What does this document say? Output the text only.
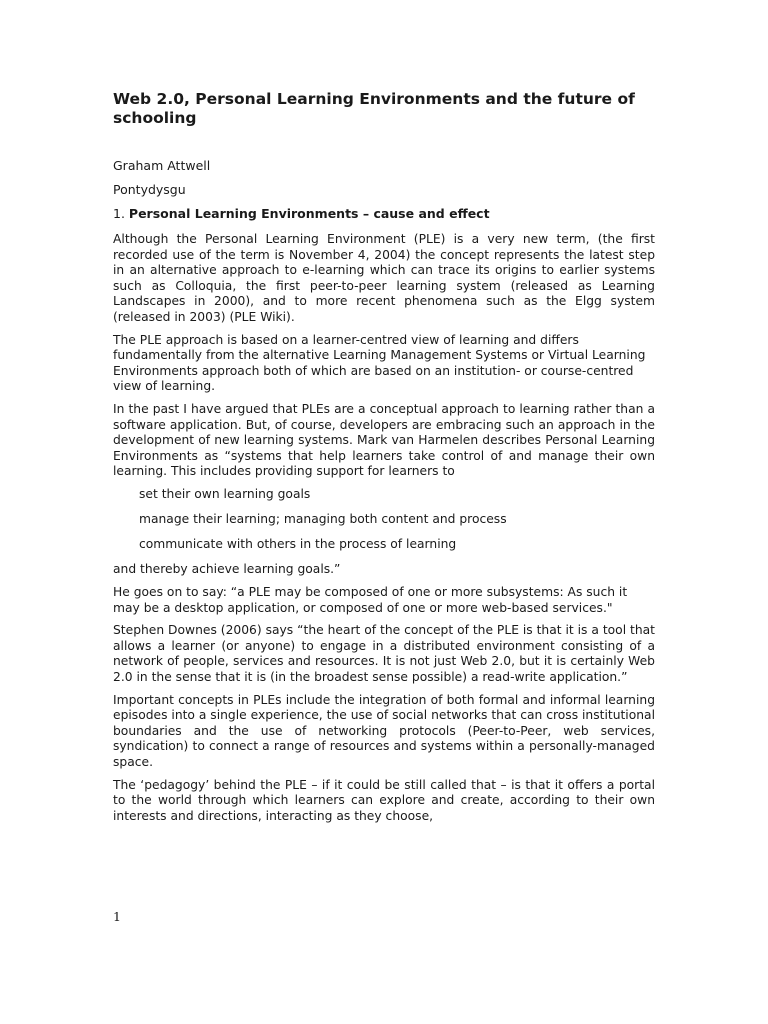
Web 2.0, Personal Learning Environments and the future of schooling

Graham Attwell

Pontydysgu

1. Personal Learning Environments – cause and effect

Although the Personal Learning Environment (PLE) is a very new term, (the first recorded use of the term is November 4, 2004) the concept represents the latest step in an alternative approach to e-learning which can trace its origins to earlier systems such as Colloquia, the first peer-to-peer learning system (released as Learning Landscapes in 2000), and to more recent phenomena such as the Elgg system (released in 2003) (PLE Wiki).

The PLE approach is based on a learner-centred view of learning and differs fundamentally from the alternative Learning Management Systems or Virtual Learning Environments approach both of which are based on an institution- or course-centred view of learning.

In the past I have argued that PLEs are a conceptual approach to learning rather than a software application. But, of course, developers are embracing such an approach in the development of new learning systems. Mark van Harmelen describes Personal Learning Environments as “systems that help learners take control of and manage their own learning. This includes providing support for learners to

set their own learning goals
manage their learning; managing both content and process
communicate with others in the process of learning

and thereby achieve learning goals.”

He goes on to say: “a PLE may be composed of one or more subsystems: As such it may be a desktop application, or composed of one or more web-based services."

Stephen Downes (2006) says “the heart of the concept of the PLE is that it is a tool that allows a learner (or anyone) to engage in a distributed environment consisting of a network of people, services and resources. It is not just Web 2.0, but it is certainly Web 2.0 in the sense that it is (in the broadest sense possible) a read-write application.”

Important concepts in PLEs include the integration of both formal and informal learning episodes into a single experience, the use of social networks that can cross institutional boundaries and the use of networking protocols (Peer-to-Peer, web services, syndication) to connect a range of resources and systems within a personally-managed space.

The ‘pedagogy’ behind the PLE – if it could be still called that – is that it offers a portal to the world through which learners can explore and create, according to their own interests and directions, interacting as they choose,

1
